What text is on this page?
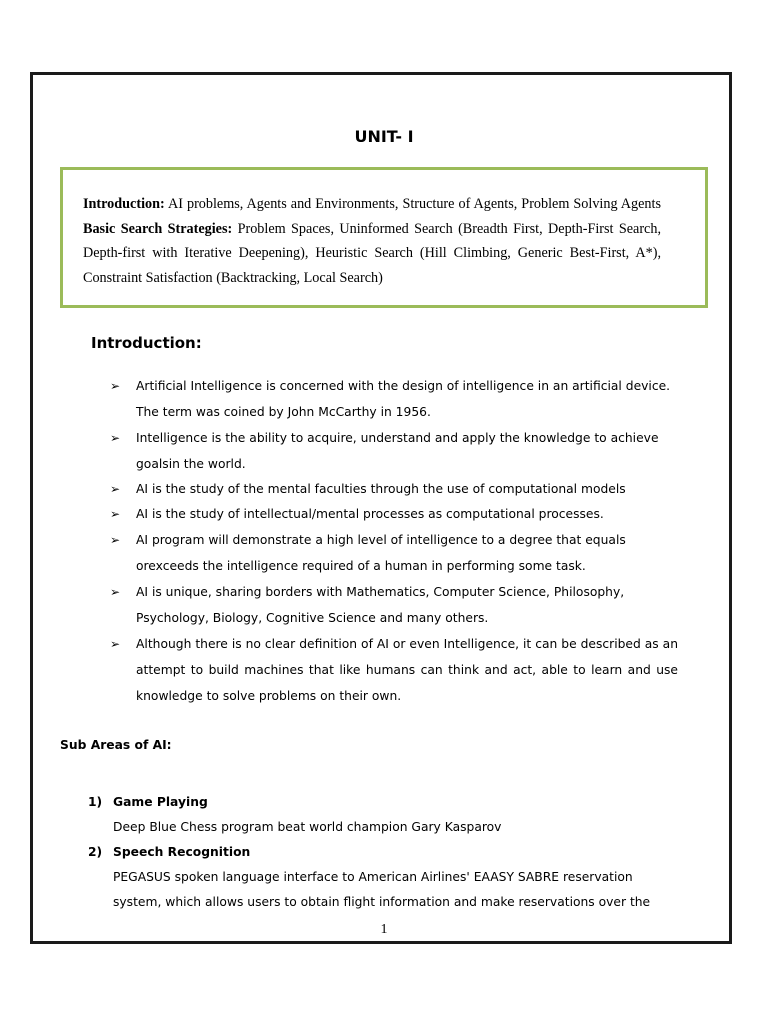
UNIT- I
Introduction: AI problems, Agents and Environments, Structure of Agents, Problem Solving Agents Basic Search Strategies: Problem Spaces, Uninformed Search (Breadth First, Depth-First Search, Depth-first with Iterative Deepening), Heuristic Search (Hill Climbing, Generic Best-First, A*), Constraint Satisfaction (Backtracking, Local Search)
Introduction:
➢ Artificial Intelligence is concerned with the design of intelligence in an artificial device. The term was coined by John McCarthy in 1956.
➢ Intelligence is the ability to acquire, understand and apply the knowledge to achieve goalsin the world.
➢ AI is the study of the mental faculties through the use of computational models
➢ AI is the study of intellectual/mental processes as computational processes.
➢ AI program will demonstrate a high level of intelligence to a degree that equals orexceeds the intelligence required of a human in performing some task.
➢ AI is unique, sharing borders with Mathematics, Computer Science, Philosophy, Psychology, Biology, Cognitive Science and many others.
➢ Although there is no clear definition of AI or even Intelligence, it can be described as an attempt to build machines that like humans can think and act, able to learn and use knowledge to solve problems on their own.
Sub Areas of AI:
1) Game Playing
Deep Blue Chess program beat world champion Gary Kasparov
2) Speech Recognition
PEGASUS spoken language interface to American Airlines' EAASY SABRE reservation system, which allows users to obtain flight information and make reservations over the
1
